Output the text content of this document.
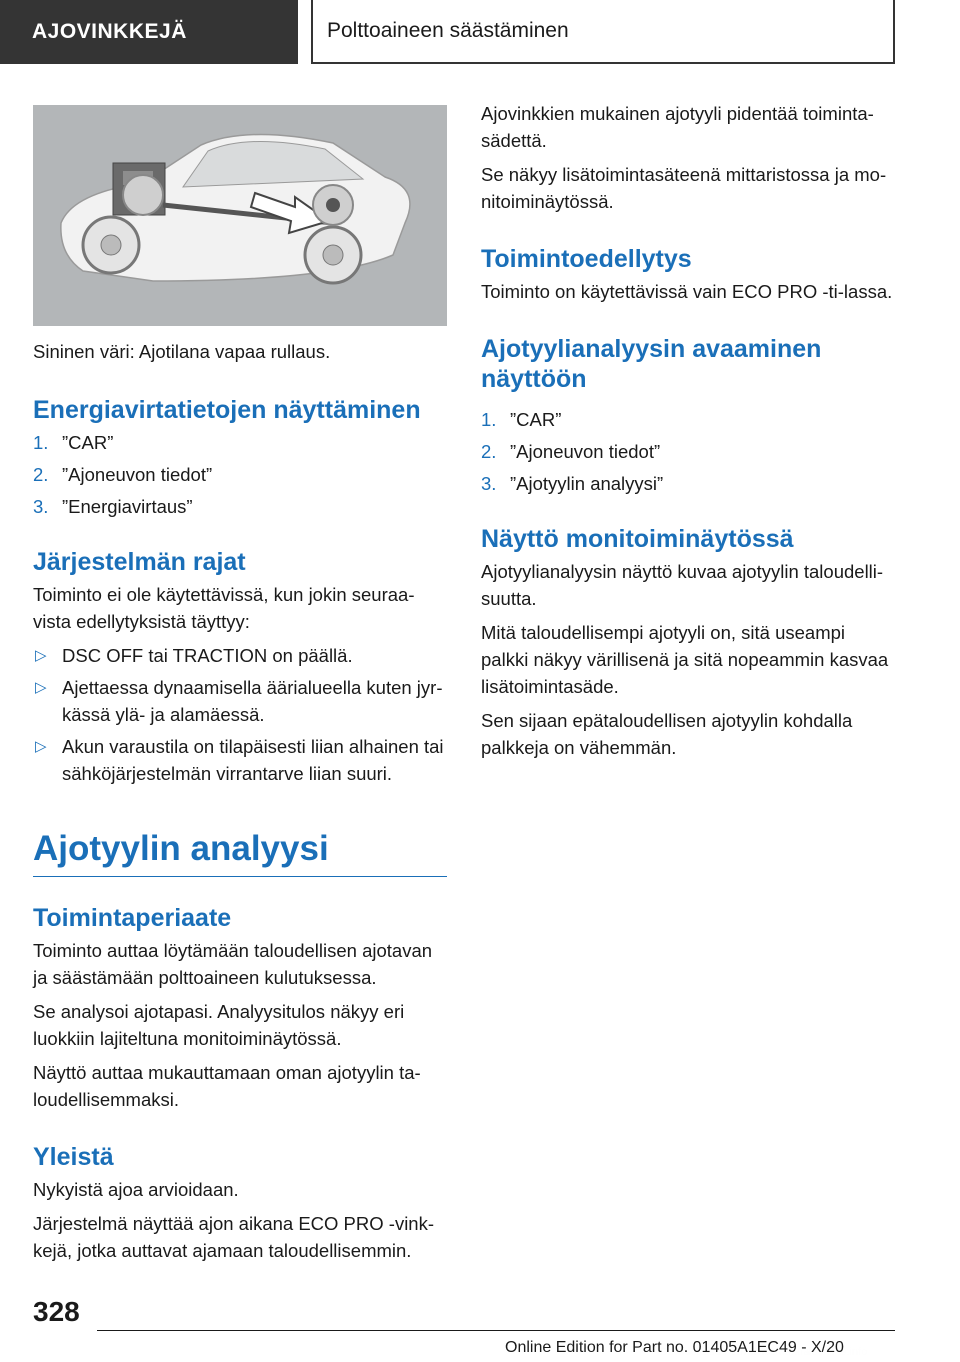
AJOVINKKEJÄ	Polttoaineen säästäminen

Sininen väri: Ajotilana vapaa rullaus.

Energiavirtatietojen näyttäminen
1. ”CAR”
2. ”Ajoneuvon tiedot”
3. ”Energiavirtaus”
Järjestelmän rajat

Toiminto ei ole käytettävissä, kun jokin seuraa-vista edellytyksistä täyttyy:

▷ DSC OFF tai TRACTION on päällä.
▷ Ajettaessa dynaamisella äärialueella kuten jyr-kässä ylä- ja alamäessä.
▷ Akun varaustila on tilapäisesti liian alhainen tai sähköjärjestelmän virrantarve liian suuri.
Ajotyylin analyysi
Toimintaperiaate

Toiminto auttaa löytämään taloudellisen ajotavan ja säästämään polttoaineen kulutuksessa.

Se analysoi ajotapasi. Analyysitulos näkyy eri luokkiin lajiteltuna monitoiminäytössä.

Näyttö auttaa mukauttamaan oman ajotyylin ta-loudellisemmaksi.

Yleistä

Nykyistä ajoa arvioidaan.

Järjestelmä näyttää ajon aikana ECO PRO -vink-kejä, jotka auttavat ajamaan taloudellisemmin.

Ajovinkkien mukainen ajotyyli pidentää toiminta-sädettä.

Se näkyy lisätoimintasäteenä mittaristossa ja mo-nitoiminäytössä.

Toimintoedellytys

Toiminto on käytettävissä vain ECO PRO -ti-lassa.

Ajotyylianalyysin avaaminen näyttöön
1. ”CAR”
2. ”Ajoneuvon tiedot”
3. ”Ajotyylin analyysi”
Näyttö monitoiminäytössä

Ajotyylianalyysin näyttö kuvaa ajotyylin taloudelli-suutta.

Mitä taloudellisempi ajotyyli on, sitä useampi palkki näkyy värillisenä ja sitä nopeammin kasvaa lisätoimintasäde.

Sen sijaan epätaloudellisen ajotyylin kohdalla palkkeja on vähemmän.

328
Online Edition for Part no. 01405A1EC49 - X/20
